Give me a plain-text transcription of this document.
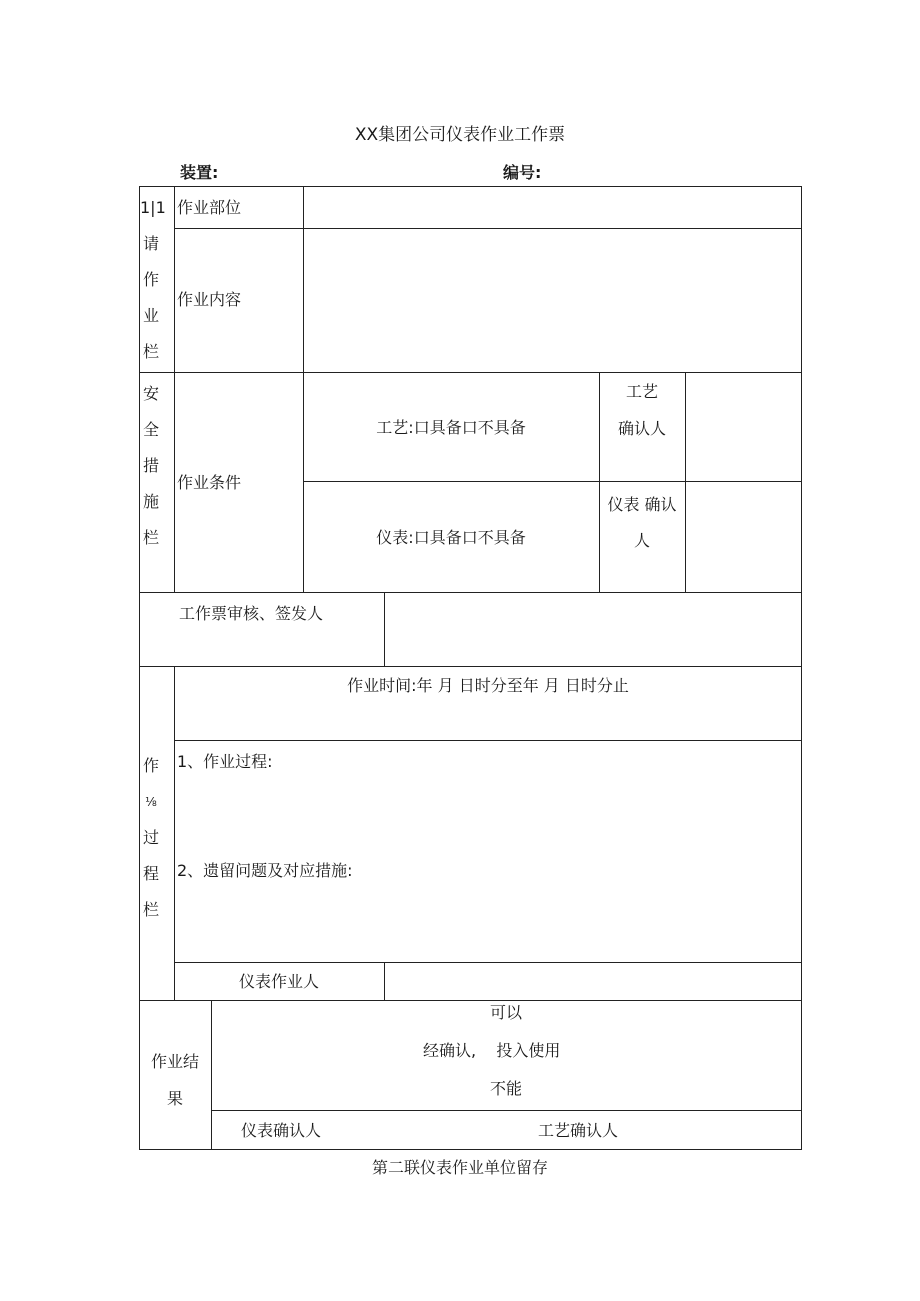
XX集团公司仪表作业工作票
装置:	编号:
1|1
请
作
业
栏
作业部位
作业内容
安
全
措
施
栏
作业条件
工艺:口具备口不具备
工艺
确认人
仪表:口具备口不具备
仪表 确认
人
工作票审核、签发人
作
⅛
过
程
栏
作业时间:年 月 日时分至年 月 日时分止
1、作业过程:
2、遗留问题及对应措施:
仪表作业人
作业结
果
可以
经确认,    投入使用
不能
仪表确认人	工艺确认人
第二联仪表作业单位留存
